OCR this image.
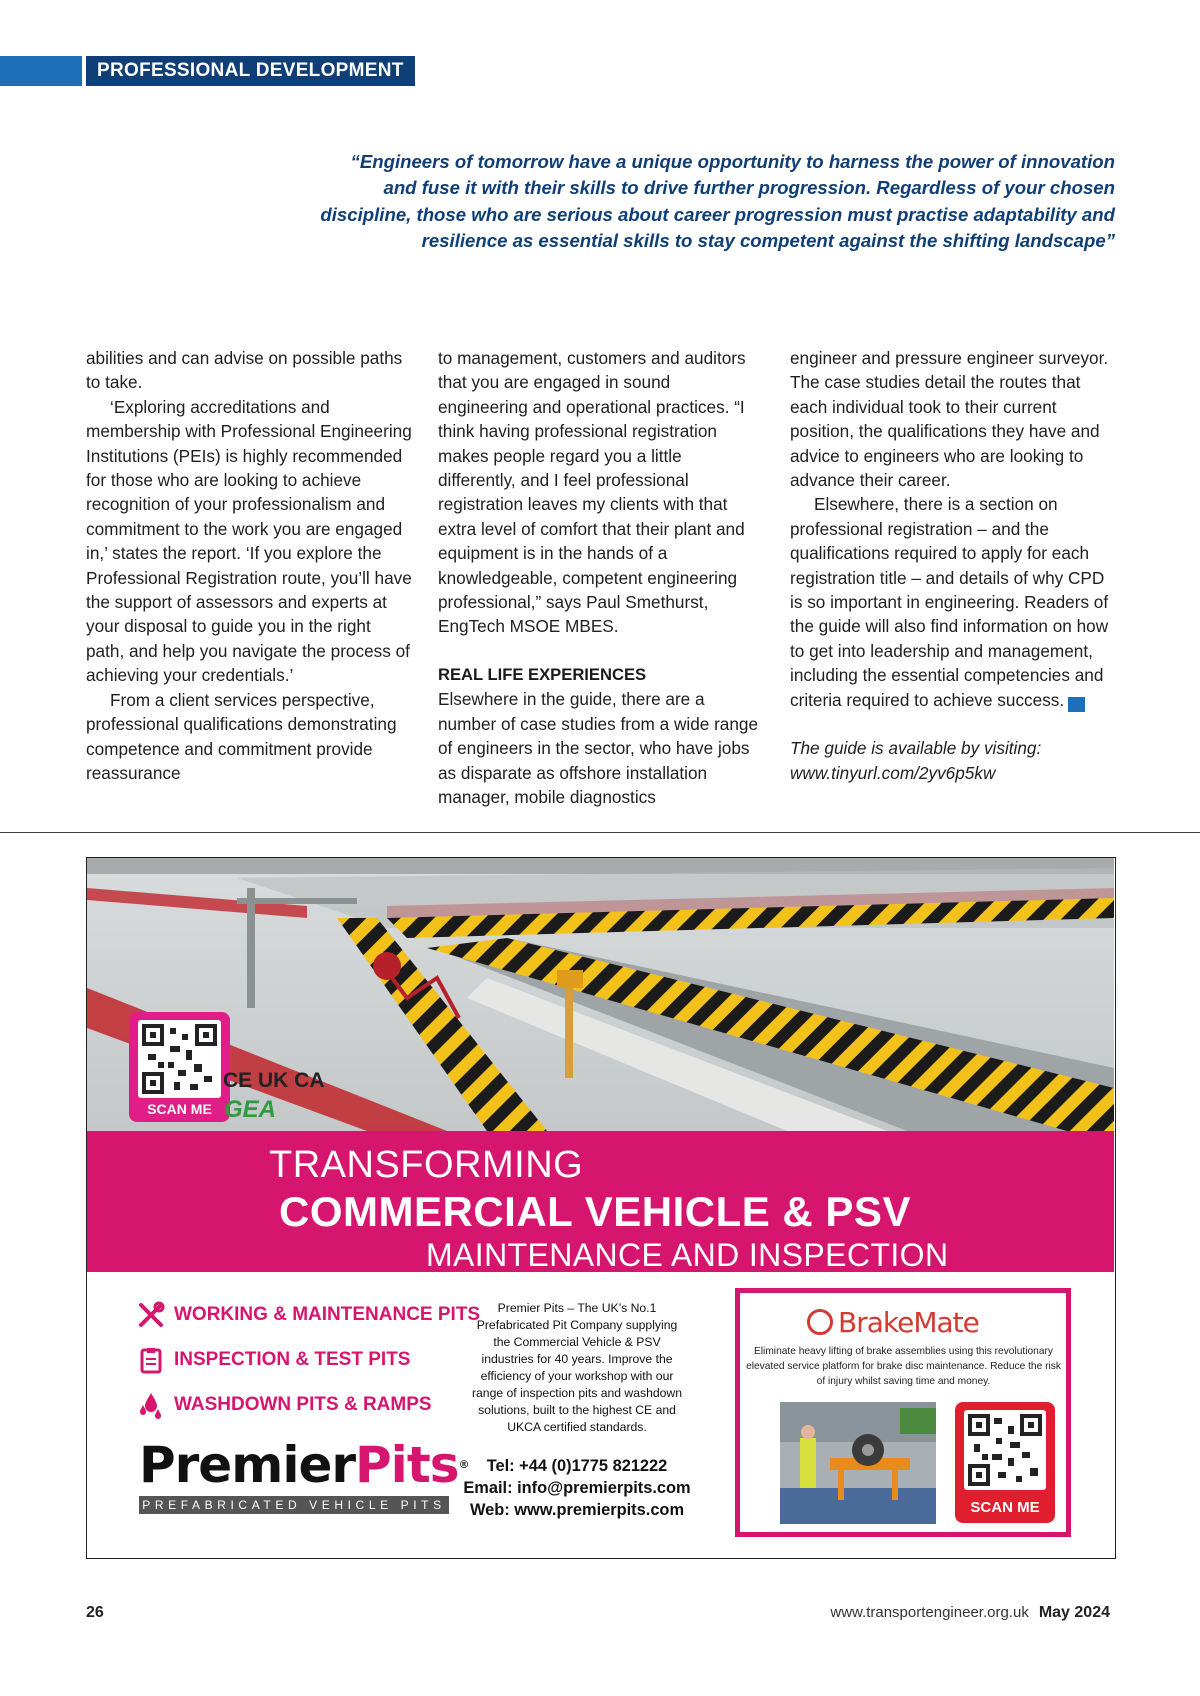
PROFESSIONAL DEVELOPMENT
“Engineers of tomorrow have a unique opportunity to harness the power of innovation
and fuse it with their skills to drive further progression. Regardless of your chosen
discipline, those who are serious about career progression must practise adaptability and
resilience as essential skills to stay competent against the shifting landscape”

abilities and can advise on possible paths to take.

‘Exploring accreditations and membership with Professional Engineering Institutions (PEIs) is highly recommended for those who are looking to achieve recognition of your professionalism and commitment to the work you are engaged in,’ states the report. ‘If you explore the Professional Registration route, you’ll have the support of assessors and experts at your disposal to guide you in the right path, and help you navigate the process of achieving your credentials.’

From a client services perspective, professional qualifications demonstrating competence and commitment provide reassurance

to management, customers and auditors that you are engaged in sound engineering and operational practices. “I think having professional registration makes people regard you a little differently, and I feel professional registration leaves my clients with that extra level of comfort that their plant and equipment is in the hands of a knowledgeable, competent engineering professional,” says Paul Smethurst, EngTech MSOE MBES.

REAL LIFE EXPERIENCES

Elsewhere in the guide, there are a number of case studies from a wide range of engineers in the sector, who have jobs as disparate as offshore installation manager, mobile diagnostics

engineer and pressure engineer surveyor. The case studies detail the routes that each individual took to their current position, the qualifications they have and advice to engineers who are looking to advance their career.

Elsewhere, there is a section on professional registration – and the qualifications required to apply for each registration title – and details of why CPD is so important in engineering. Readers of the guide will also find information on how to get into leadership and management, including the essential competencies and criteria required to achieve success.	TE

The guide is available by visiting:
www.tinyurl.com/2yv6p5kw

SCAN ME
CE UK CA
GEA
TRANSFORMING
COMMERCIAL VEHICLE & PSV
MAINTENANCE AND INSPECTION
WORKING & MAINTENANCE PITS
INSPECTION & TEST PITS
WASHDOWN PITS & RAMPS
PremierPits®
PREFABRICATED VEHICLE PITS
Premier Pits – The UK’s No.1 Prefabricated Pit Company supplying the Commercial Vehicle & PSV industries for 40 years. Improve the efficiency of your workshop with our range of inspection pits and washdown solutions, built to the highest CE and UKCA certified standards.
Tel: +44 (0)1775 821222
Email: info@premierpits.com
Web: www.premierpits.com
BrakeMate
Eliminate heavy lifting of brake assemblies using this revolutionary elevated service platform for brake disc maintenance. Reduce the risk of injury whilst saving time and money.
SCAN ME
26	www.transportengineer.org.uk May 2024
